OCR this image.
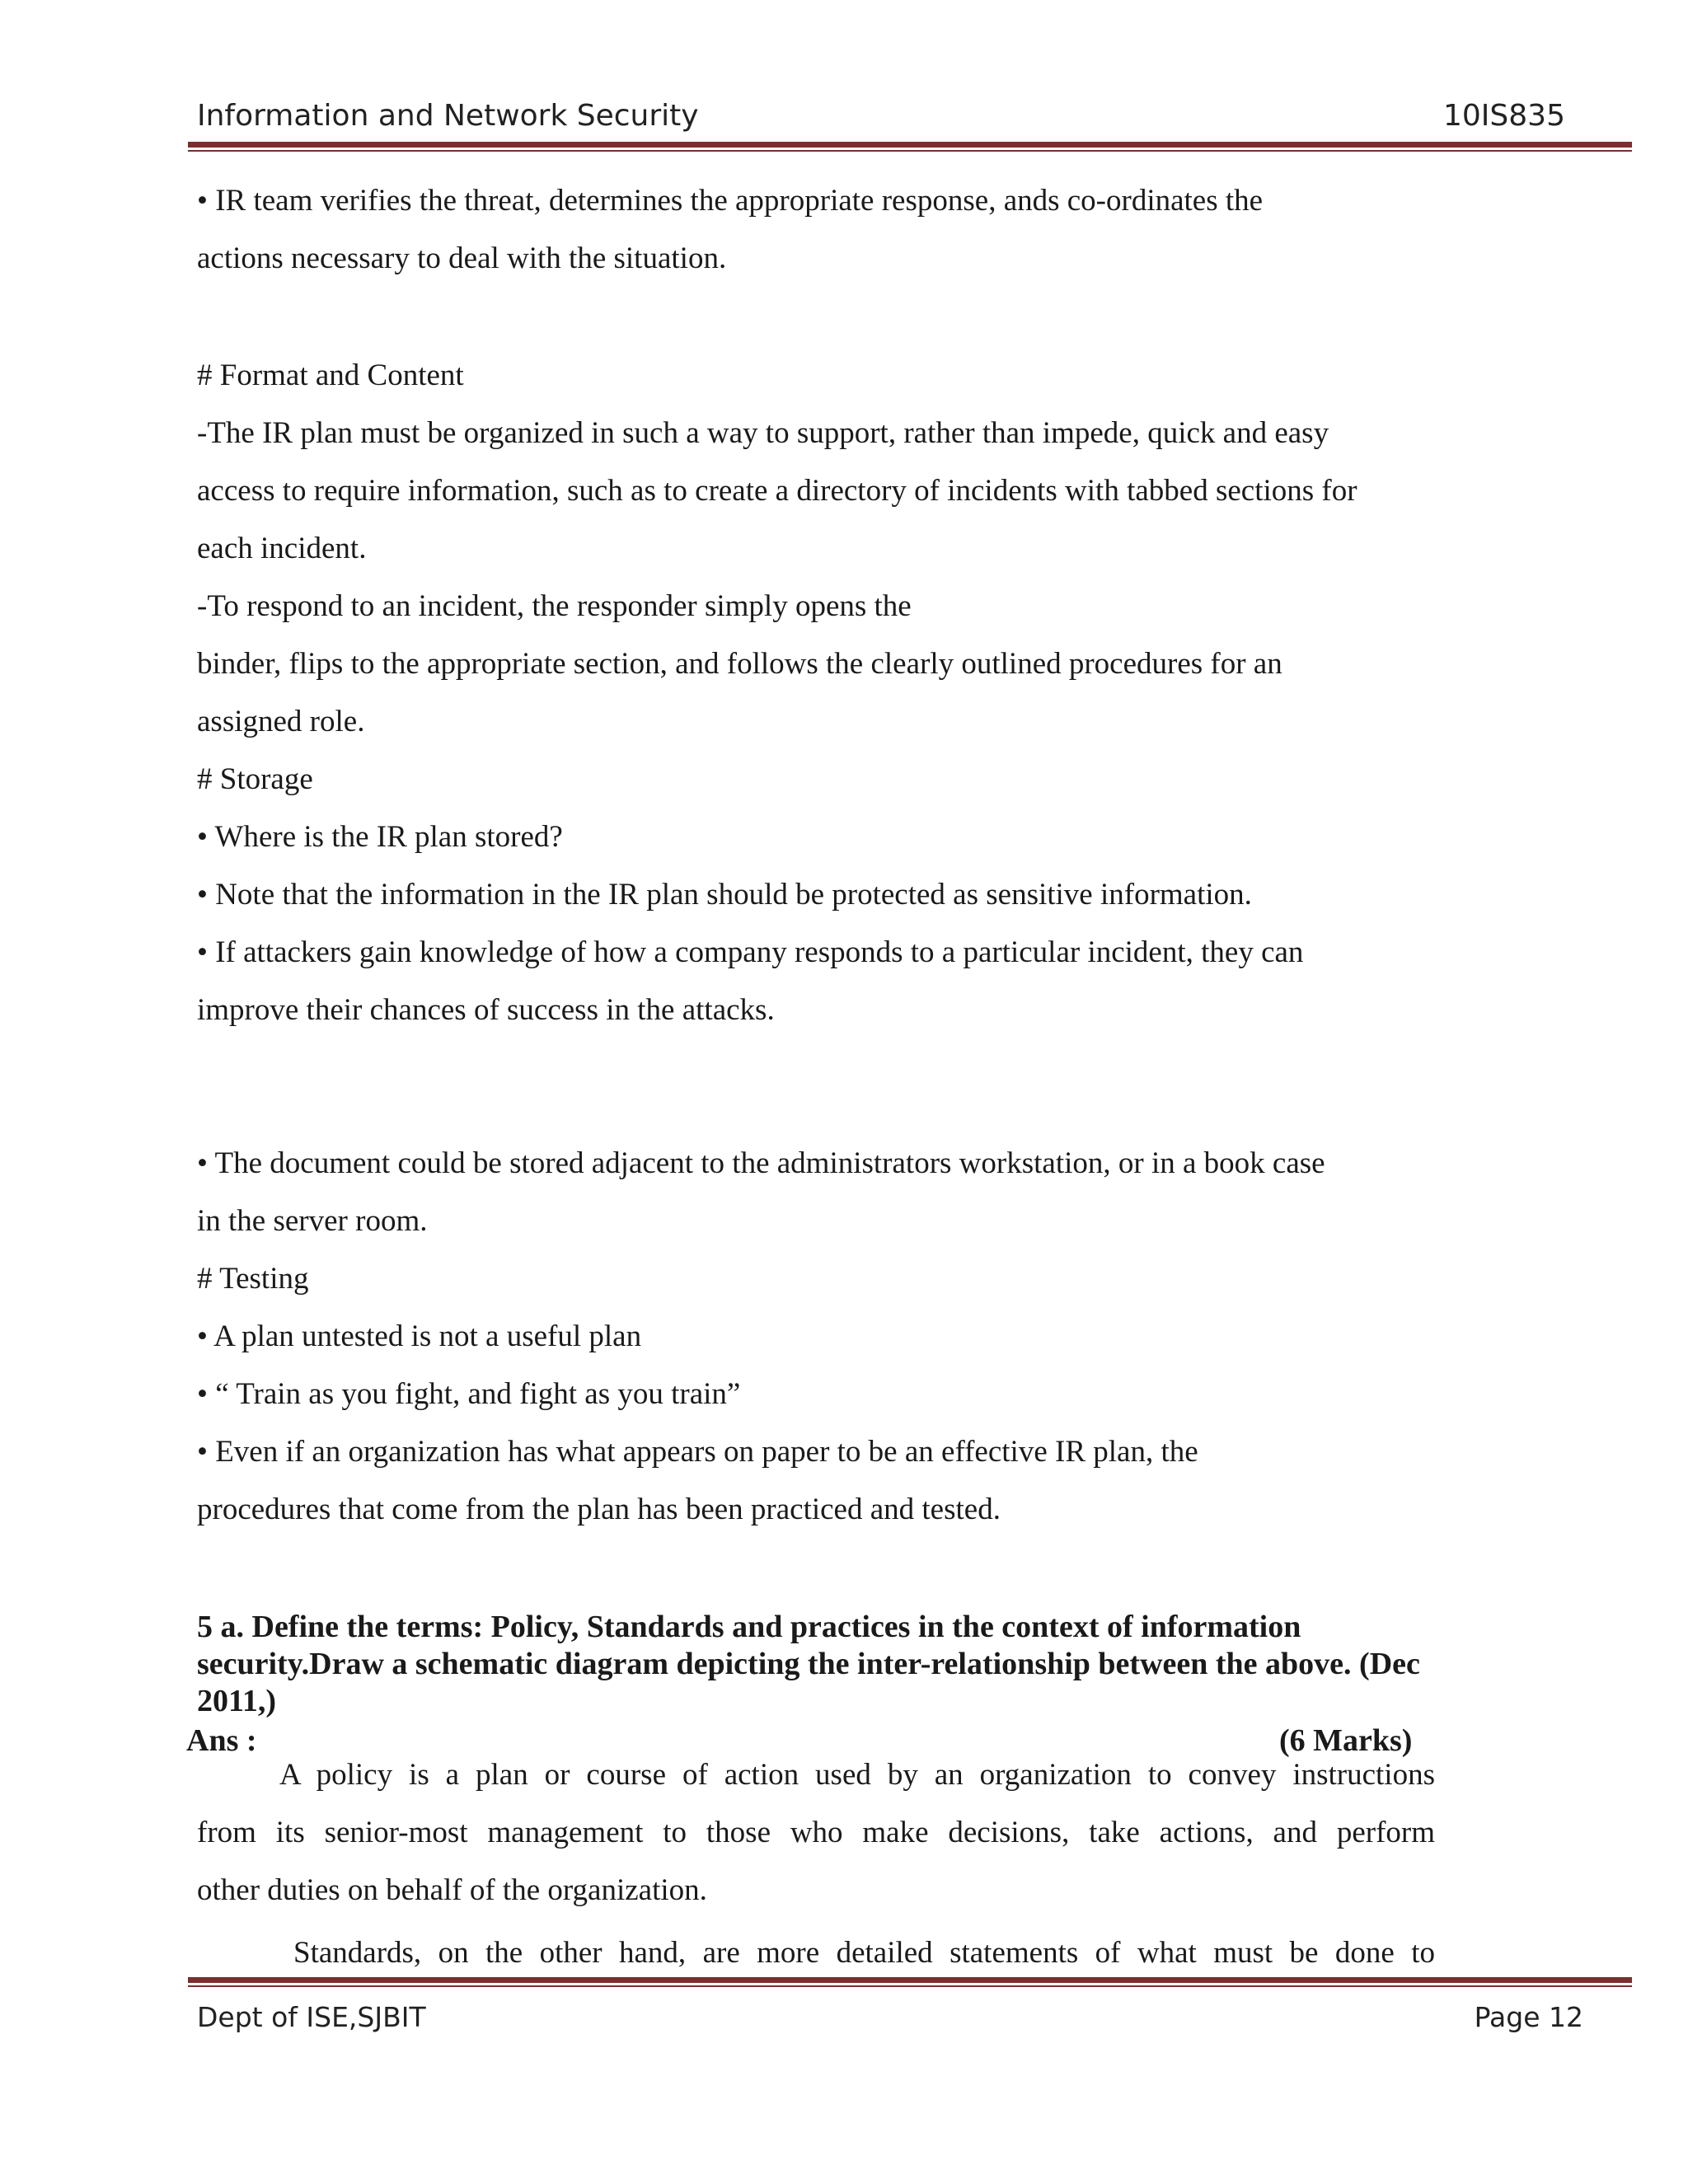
Information and Network Security	10IS835
• IR team verifies the threat, determines the appropriate response, ands co-ordinates the
actions necessary to deal with the situation.
# Format and Content
-The IR plan must be organized in such a way to support, rather than impede, quick and easy
access to require information, such as to create a directory of incidents with tabbed sections for
each incident.
-To respond to an incident, the responder simply opens the
binder, flips to the appropriate section, and follows the clearly outlined procedures for an
assigned role.
# Storage
• Where is the IR plan stored?
• Note that the information in the IR plan should be protected as sensitive information.
• If attackers gain knowledge of how a company responds to a particular incident, they can
improve their chances of success in the attacks.
• The document could be stored adjacent to the administrators workstation, or in a book case
in the server room.
# Testing
• A plan untested is not a useful plan
• “ Train as you fight, and fight as you train”
• Even if an organization has what appears on paper to be an effective IR plan, the
procedures that come from the plan has been practiced and tested.
5 a. Define the terms: Policy, Standards and practices in the context of information security.Draw a schematic diagram depicting the inter-relationship between the above. (Dec 2011,)
Ans :	(6 Marks)
A policy is a plan or course of action used by an organization to convey instructions
from its senior-most management to those who make decisions, take actions, and perform
other duties on behalf of the organization.
Standards, on the other hand, are more detailed statements of what must be done to
Dept of ISE,SJBIT	Page 12
